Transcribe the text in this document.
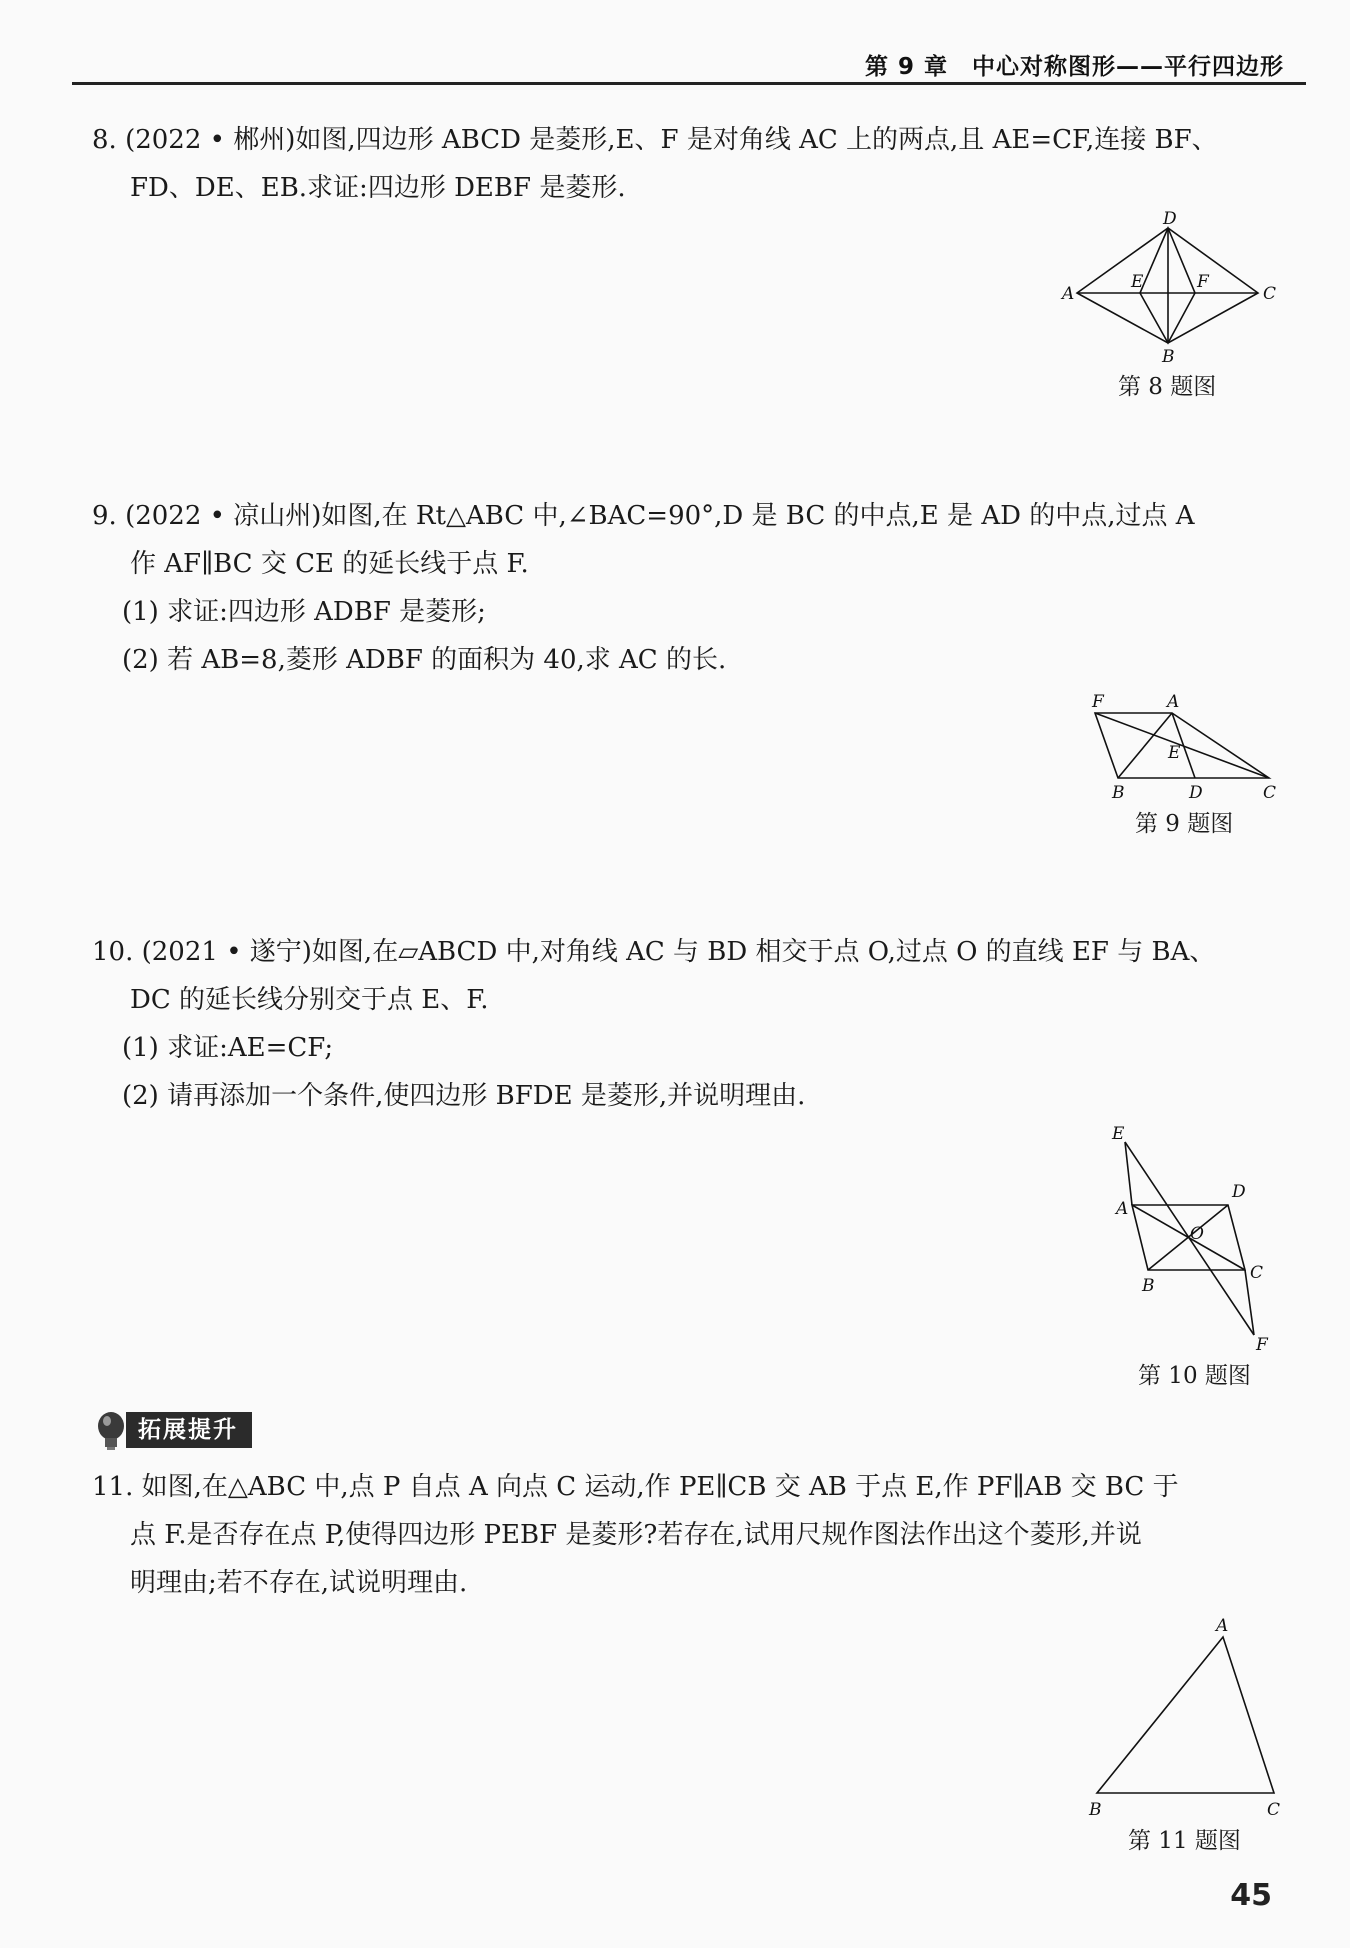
第 9 章　中心对称图形——平行四边形

8. (2022 • 郴州)如图,四边形 ABCD 是菱形,E、F 是对角线 AC 上的两点,且 AE=CF,连接 BF、

FD、DE、EB.求证:四边形 DEBF 是菱形.

A
D
C
B
E	F
第 8 题图

9. (2022 • 凉山州)如图,在 Rt△ABC 中,∠BAC=90°,D 是 BC 的中点,E 是 AD 的中点,过点 A

作 AF∥BC 交 CE 的延长线于点 F.

(1) 求证:四边形 ADBF 是菱形;

(2) 若 AB=8,菱形 ADBF 的面积为 40,求 AC 的长.

F	A
E
B	D	C
第 9 题图

10. (2021 • 遂宁)如图,在▱ABCD 中,对角线 AC 与 BD 相交于点 O,过点 O 的直线 EF 与 BA、

DC 的延长线分别交于点 E、F.

(1) 求证:AE=CF;

(2) 请再添加一个条件,使四边形 BFDE 是菱形,并说明理由.

E
A
D
O
C
B
F
第 10 题图
拓展提升

11. 如图,在△ABC 中,点 P 自点 A 向点 C 运动,作 PE∥CB 交 AB 于点 E,作 PF∥AB 交 BC 于

点 F.是否存在点 P,使得四边形 PEBF 是菱形?若存在,试用尺规作图法作出这个菱形,并说

明理由;若不存在,试说明理由.

A
B	C
第 11 题图
45
